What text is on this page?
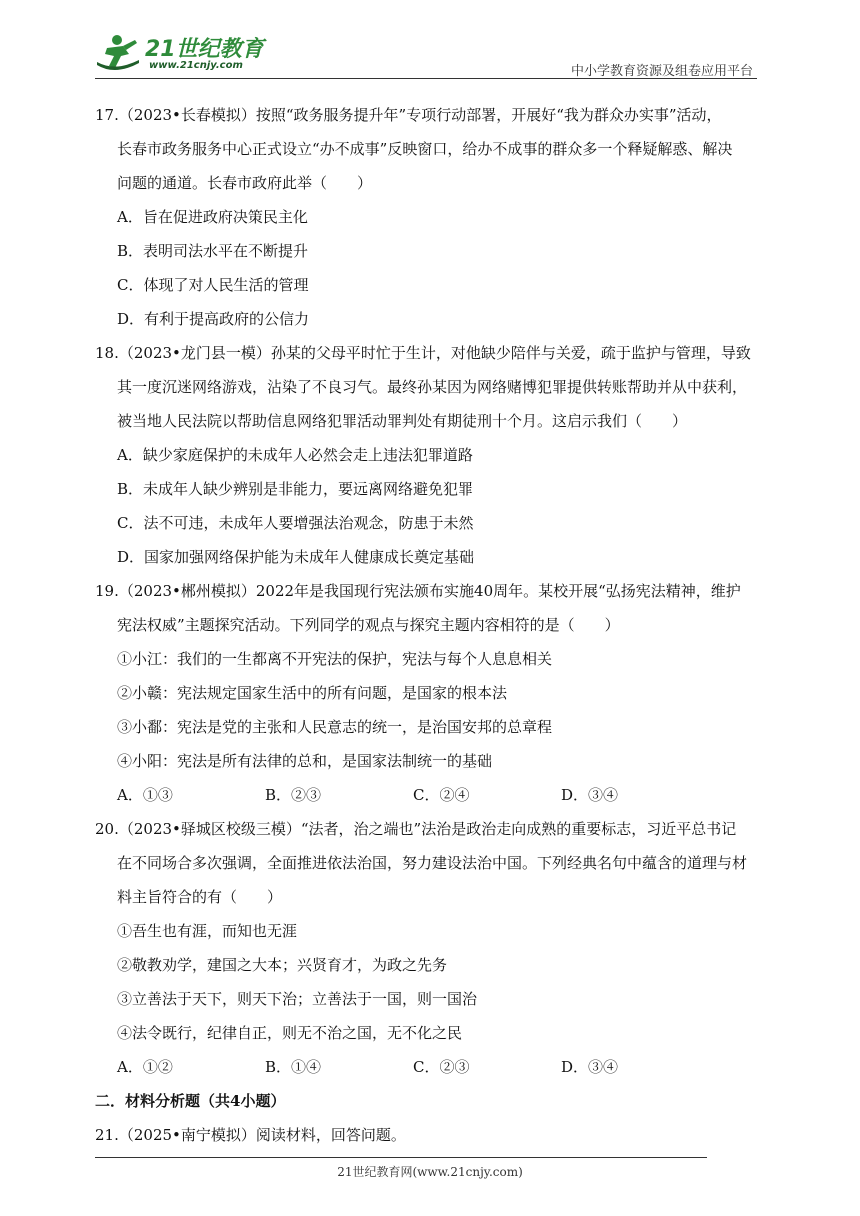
21世纪教育
www.21cnjy.com	中小学教育资源及组卷应用平台
17.（2023•长春模拟）按照“政务服务提升年”专项行动部署，开展好“我为群众办实事”活动，
长春市政务服务中心正式设立“办不成事”反映窗口，给办不成事的群众多一个释疑解惑、解决
问题的通道。长春市政府此举（　　）
A．旨在促进政府决策民主化
B．表明司法水平在不断提升
C．体现了对人民生活的管理
D．有利于提高政府的公信力
18.（2023•龙门县一模）孙某的父母平时忙于生计，对他缺少陪伴与关爱，疏于监护与管理，导致
其一度沉迷网络游戏，沾染了不良习气。最终孙某因为网络赌博犯罪提供转账帮助并从中获利，
被当地人民法院以帮助信息网络犯罪活动罪判处有期徒刑十个月。这启示我们（　　）
A．缺少家庭保护的未成年人必然会走上违法犯罪道路
B．未成年人缺少辨别是非能力，要远离网络避免犯罪
C．法不可违，未成年人要增强法治观念，防患于未然
D．国家加强网络保护能为未成年人健康成长奠定基础
19.（2023•郴州模拟）2022年是我国现行宪法颁布实施40周年。某校开展“弘扬宪法精神，维护
宪法权威”主题探究活动。下列同学的观点与探究主题内容相符的是（　　）
①小江：我们的一生都离不开宪法的保护，宪法与每个人息息相关
②小赣：宪法规定国家生活中的所有问题，是国家的根本法
③小鄱：宪法是党的主张和人民意志的统一，是治国安邦的总章程
④小阳：宪法是所有法律的总和，是国家法制统一的基础
A．①③	B．②③	C．②④	D．③④
20.（2023•驿城区校级三模）“法者，治之端也”法治是政治走向成熟的重要标志，习近平总书记
在不同场合多次强调，全面推进依法治国，努力建设法治中国。下列经典名句中蕴含的道理与材
料主旨符合的有（　　）
①吾生也有涯，而知也无涯
②敬教劝学，建国之大本；兴贤育才，为政之先务
③立善法于天下，则天下治；立善法于一国，则一国治
④法令既行，纪律自正，则无不治之国，无不化之民
A．①②	B．①④	C．②③	D．③④
二．材料分析题（共4小题）
21.（2025•南宁模拟）阅读材料，回答问题。
21世纪教育网(www.21cnjy.com)
